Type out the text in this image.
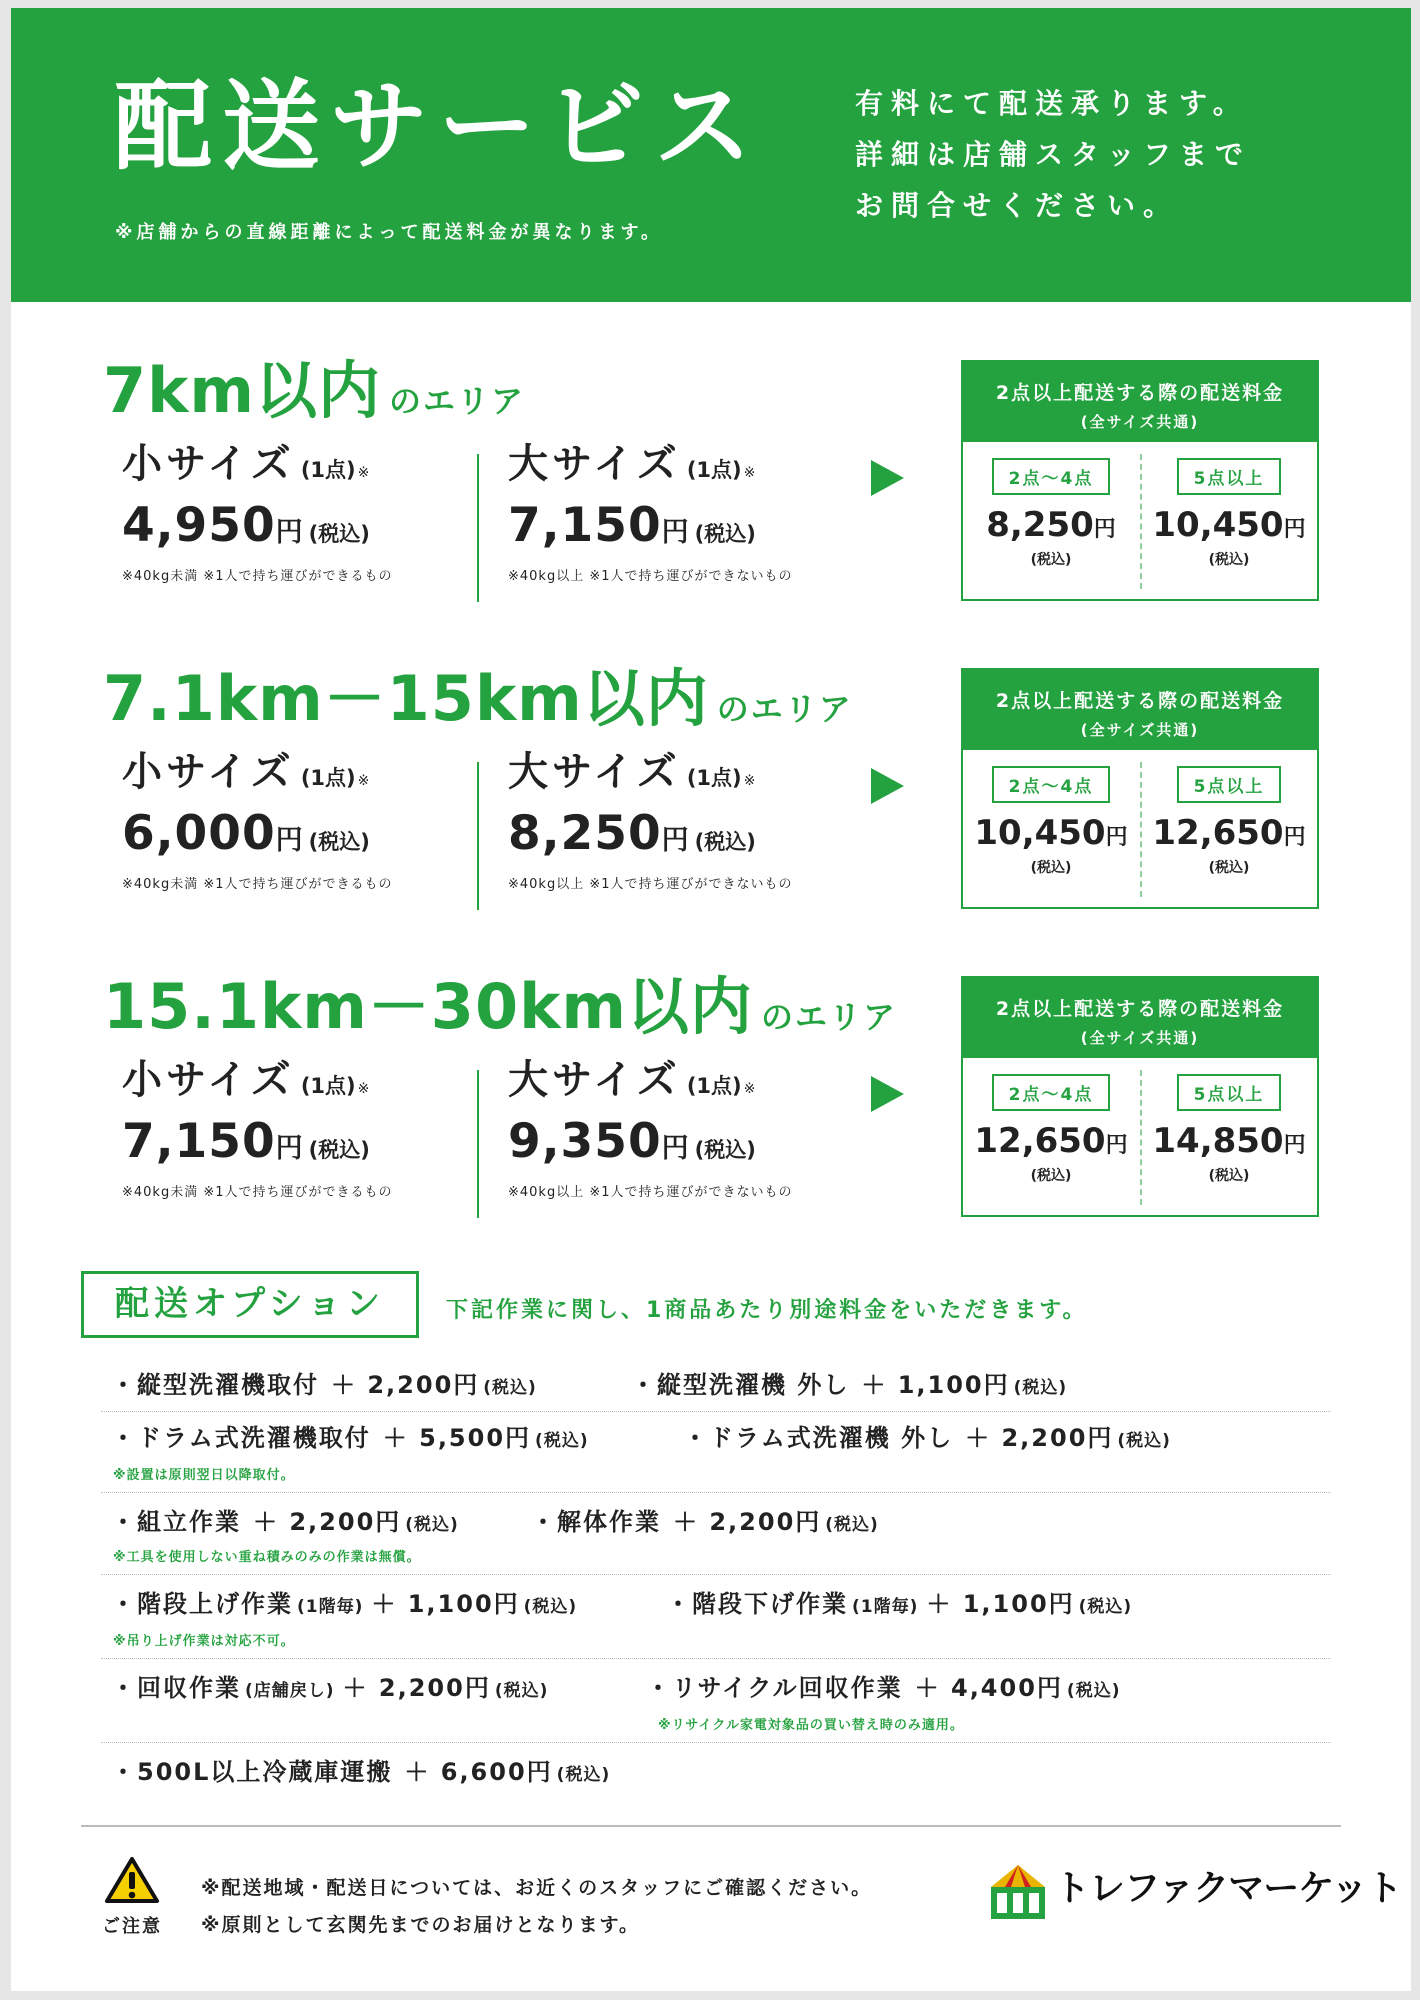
配送サービス
※店舗からの直線距離によって配送料金が異なります。
有料にて配送承ります。
詳細は店舗スタッフまで
お問合せください。
7km以内 のエリア
小サイズ (1点) ※
4,950円 (税込)
※40kg未満 ※1人で持ち運びができるもの
大サイズ (1点) ※
7,150円 (税込)
※40kg以上 ※1人で持ち運びができないもの
2点以上配送する際の配送料金
(全サイズ共通)
2点～4点
8,250円
(税込)
5点以上
10,450円
(税込)
7.1km－15km以内 のエリア
小サイズ (1点) ※
6,000円 (税込)
※40kg未満 ※1人で持ち運びができるもの
大サイズ (1点) ※
8,250円 (税込)
※40kg以上 ※1人で持ち運びができないもの
2点以上配送する際の配送料金
(全サイズ共通)
2点～4点
10,450円
(税込)
5点以上
12,650円
(税込)
15.1km－30km以内 のエリア
小サイズ (1点) ※
7,150円 (税込)
※40kg未満 ※1人で持ち運びができるもの
大サイズ (1点) ※
9,350円 (税込)
※40kg以上 ※1人で持ち運びができないもの
2点以上配送する際の配送料金
(全サイズ共通)
2点～4点
12,650円
(税込)
5点以上
14,850円
(税込)
配送オプション	下記作業に関し、1商品あたり別途料金をいただきます。
・縦型洗濯機取付 ＋ 2,200円 (税込)	・縦型洗濯機 外し ＋ 1,100円 (税込)
・ドラム式洗濯機取付 ＋ 5,500円 (税込)	・ドラム式洗濯機 外し ＋ 2,200円 (税込)
※設置は原則翌日以降取付。
・組立作業 ＋ 2,200円 (税込)	・解体作業 ＋ 2,200円 (税込)
※工具を使用しない重ね積みのみの作業は無償。
・階段上げ作業 (1階毎) ＋ 1,100円 (税込)	・階段下げ作業 (1階毎) ＋ 1,100円 (税込)
※吊り上げ作業は対応不可。
・回収作業 (店舗戻し) ＋ 2,200円 (税込)	・リサイクル回収作業 ＋ 4,400円 (税込)
※リサイクル家電対象品の買い替え時のみ適用。
・500L以上冷蔵庫運搬 ＋ 6,600円 (税込)
ご注意
※配送地域・配送日については、お近くのスタッフにご確認ください。
※原則として玄関先までのお届けとなります。
トレファクマーケット
